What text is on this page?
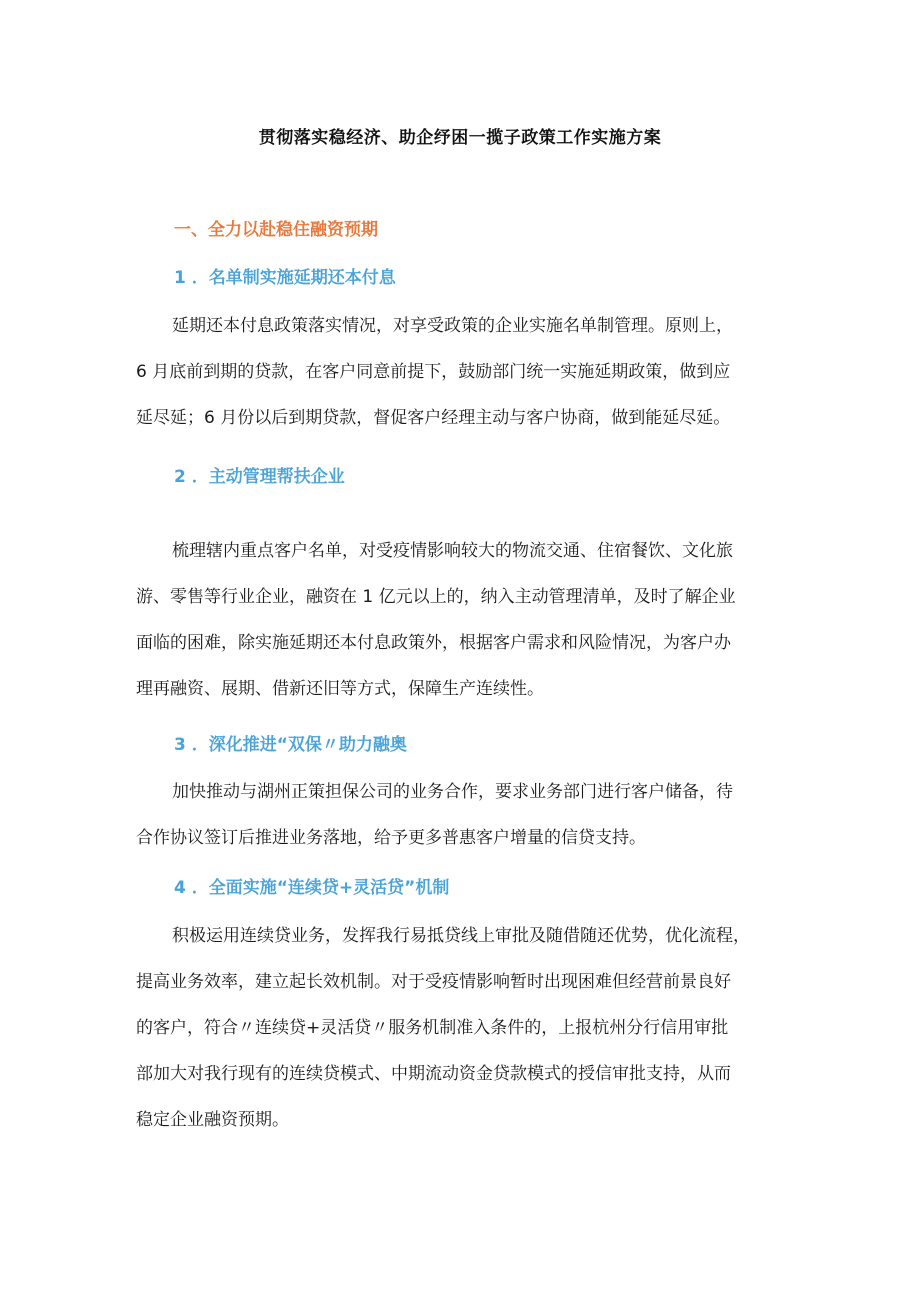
贯彻落实稳经济、助企纾困一揽子政策工作实施方案
一、全力以赴稳住融资预期
1 ．名单制实施延期还本付息
延期还本付息政策落实情况，对享受政策的企业实施名单制管理。原则上，
6 月底前到期的贷款，在客户同意前提下，鼓励部门统一实施延期政策，做到应
延尽延；6 月份以后到期贷款，督促客户经理主动与客户协商，做到能延尽延。
2 ．主动管理帮扶企业
梳理辖内重点客户名单，对受疫情影响较大的物流交通、住宿餐饮、文化旅
游、零售等行业企业，融资在 1 亿元以上的，纳入主动管理清单，及时了解企业
面临的困难，除实施延期还本付息政策外，根据客户需求和风险情况，为客户办
理再融资、展期、借新还旧等方式，保障生产连续性。
3 ．深化推进“双保〃助力融奥
加快推动与湖州正策担保公司的业务合作，要求业务部门进行客户储备，待
合作协议签订后推进业务落地，给予更多普惠客户增量的信贷支持。
4 ．全面实施“连续贷+灵活贷”机制
积极运用连续贷业务，发挥我行易抵贷线上审批及随借随还优势，优化流程，
提高业务效率，建立起长效机制。对于受疫情影响暂时出现困难但经营前景良好
的客户，符合〃连续贷+灵活贷〃服务机制准入条件的，上报杭州分行信用审批
部加大对我行现有的连续贷模式、中期流动资金贷款模式的授信审批支持，从而
稳定企业融资预期。
